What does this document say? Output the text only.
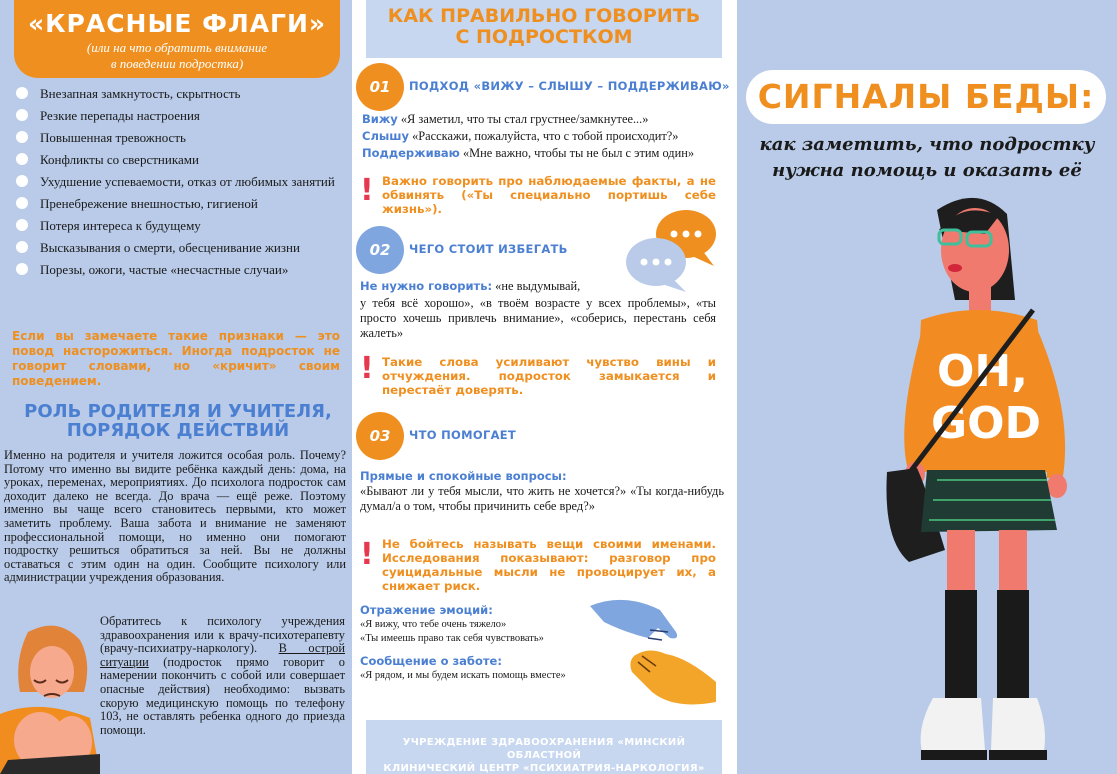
«КРАСНЫЕ ФЛАГИ»
(или на что обратить внимание
в поведении подростка)
Внезапная замкнутость, скрытность
Резкие перепады настроения
Повышенная тревожность
Конфликты со сверстниками
Ухудшение успеваемости, отказ от любимых занятий
Пренебрежение внешностью, гигиеной
Потеря интереса к будущему
Высказывания о смерти, обесценивание жизни
Порезы, ожоги, частые «несчастные случаи»
Если вы замечаете такие признаки — это повод насторожиться. Иногда подросток не говорит словами, но «кричит» своим поведением.
РОЛЬ РОДИТЕЛЯ И УЧИТЕЛЯ,
ПОРЯДОК ДЕЙСТВИЙ
Именно на родителя и учителя ложится особая роль. Почему? Потому что именно вы видите ребёнка каждый день: дома, на уроках, переменах, мероприятиях. До психолога подросток сам доходит далеко не всегда. До врача — ещё реже. Поэтому именно вы чаще всего становитесь первыми, кто может заметить проблему. Ваша забота и внимание не заменяют профессиональной помощи, но именно они помогают подростку решиться обратиться за ней. Вы не должны оставаться с этим один на один. Сообщите психологу или администрации учреждения образования.
Обратитесь к психологу учреждения здравоохранения или к врачу-психотерапевту (врачу-психиатру-наркологу). В острой ситуации (подросток прямо говорит о намерении покончить с собой или совершает опасные действия) необходимо: вызвать скорую медицинскую помощь по телефону 103, не оставлять ребенка одного до приезда помощи.
КАК ПРАВИЛЬНО ГОВОРИТЬ
С ПОДРОСТКОМ
01	ПОДХОД «ВИЖУ – СЛЫШУ – ПОДДЕРЖИВАЮ»
Вижу «Я заметил, что ты стал грустнее/замкнутее...»
Слышу «Расскажи, пожалуйста, что с тобой происходит?»
Поддерживаю «Мне важно, чтобы ты не был с этим один»
! Важно говорить про наблюдаемые факты, а не обвинять («Ты специально портишь себе жизнь»).
02	ЧЕГО СТОИТ ИЗБЕГАТЬ
Не нужно говорить: «не выдумывай,
у тебя всё хорошо», «в твоём возрасте у всех проблемы», «ты просто хочешь привлечь внимание», «соберись, перестань себя жалеть»
! Такие слова усиливают чувство вины и отчуждения. подросток замыкается и перестаёт доверять.
03	ЧТО ПОМОГАЕТ
Прямые и спокойные вопросы:
«Бывают ли у тебя мысли, что жить не хочется?» «Ты когда-нибудь думал/а о том, чтобы причинить себе вред?»
! Не бойтесь называть вещи своими именами. Исследования показывают: разговор про суицидальные мысли не провоцирует их, а снижает риск.
Отражение эмоций:
«Я вижу, что тебе очень тяжело»
«Ты имеешь право так себя чувствовать»
Сообщение о заботе:
«Я рядом, и мы будем искать помощь вместе»
УЧРЕЖДЕНИЕ ЗДРАВООХРАНЕНИЯ «МИНСКИЙ ОБЛАСТНОЙ
КЛИНИЧЕСКИЙ ЦЕНТР «ПСИХИАТРИЯ-НАРКОЛОГИЯ»
СИГНАЛЫ БЕДЫ:
как заметить, что подростку
нужна помощь и оказать её
OH,
GOD
